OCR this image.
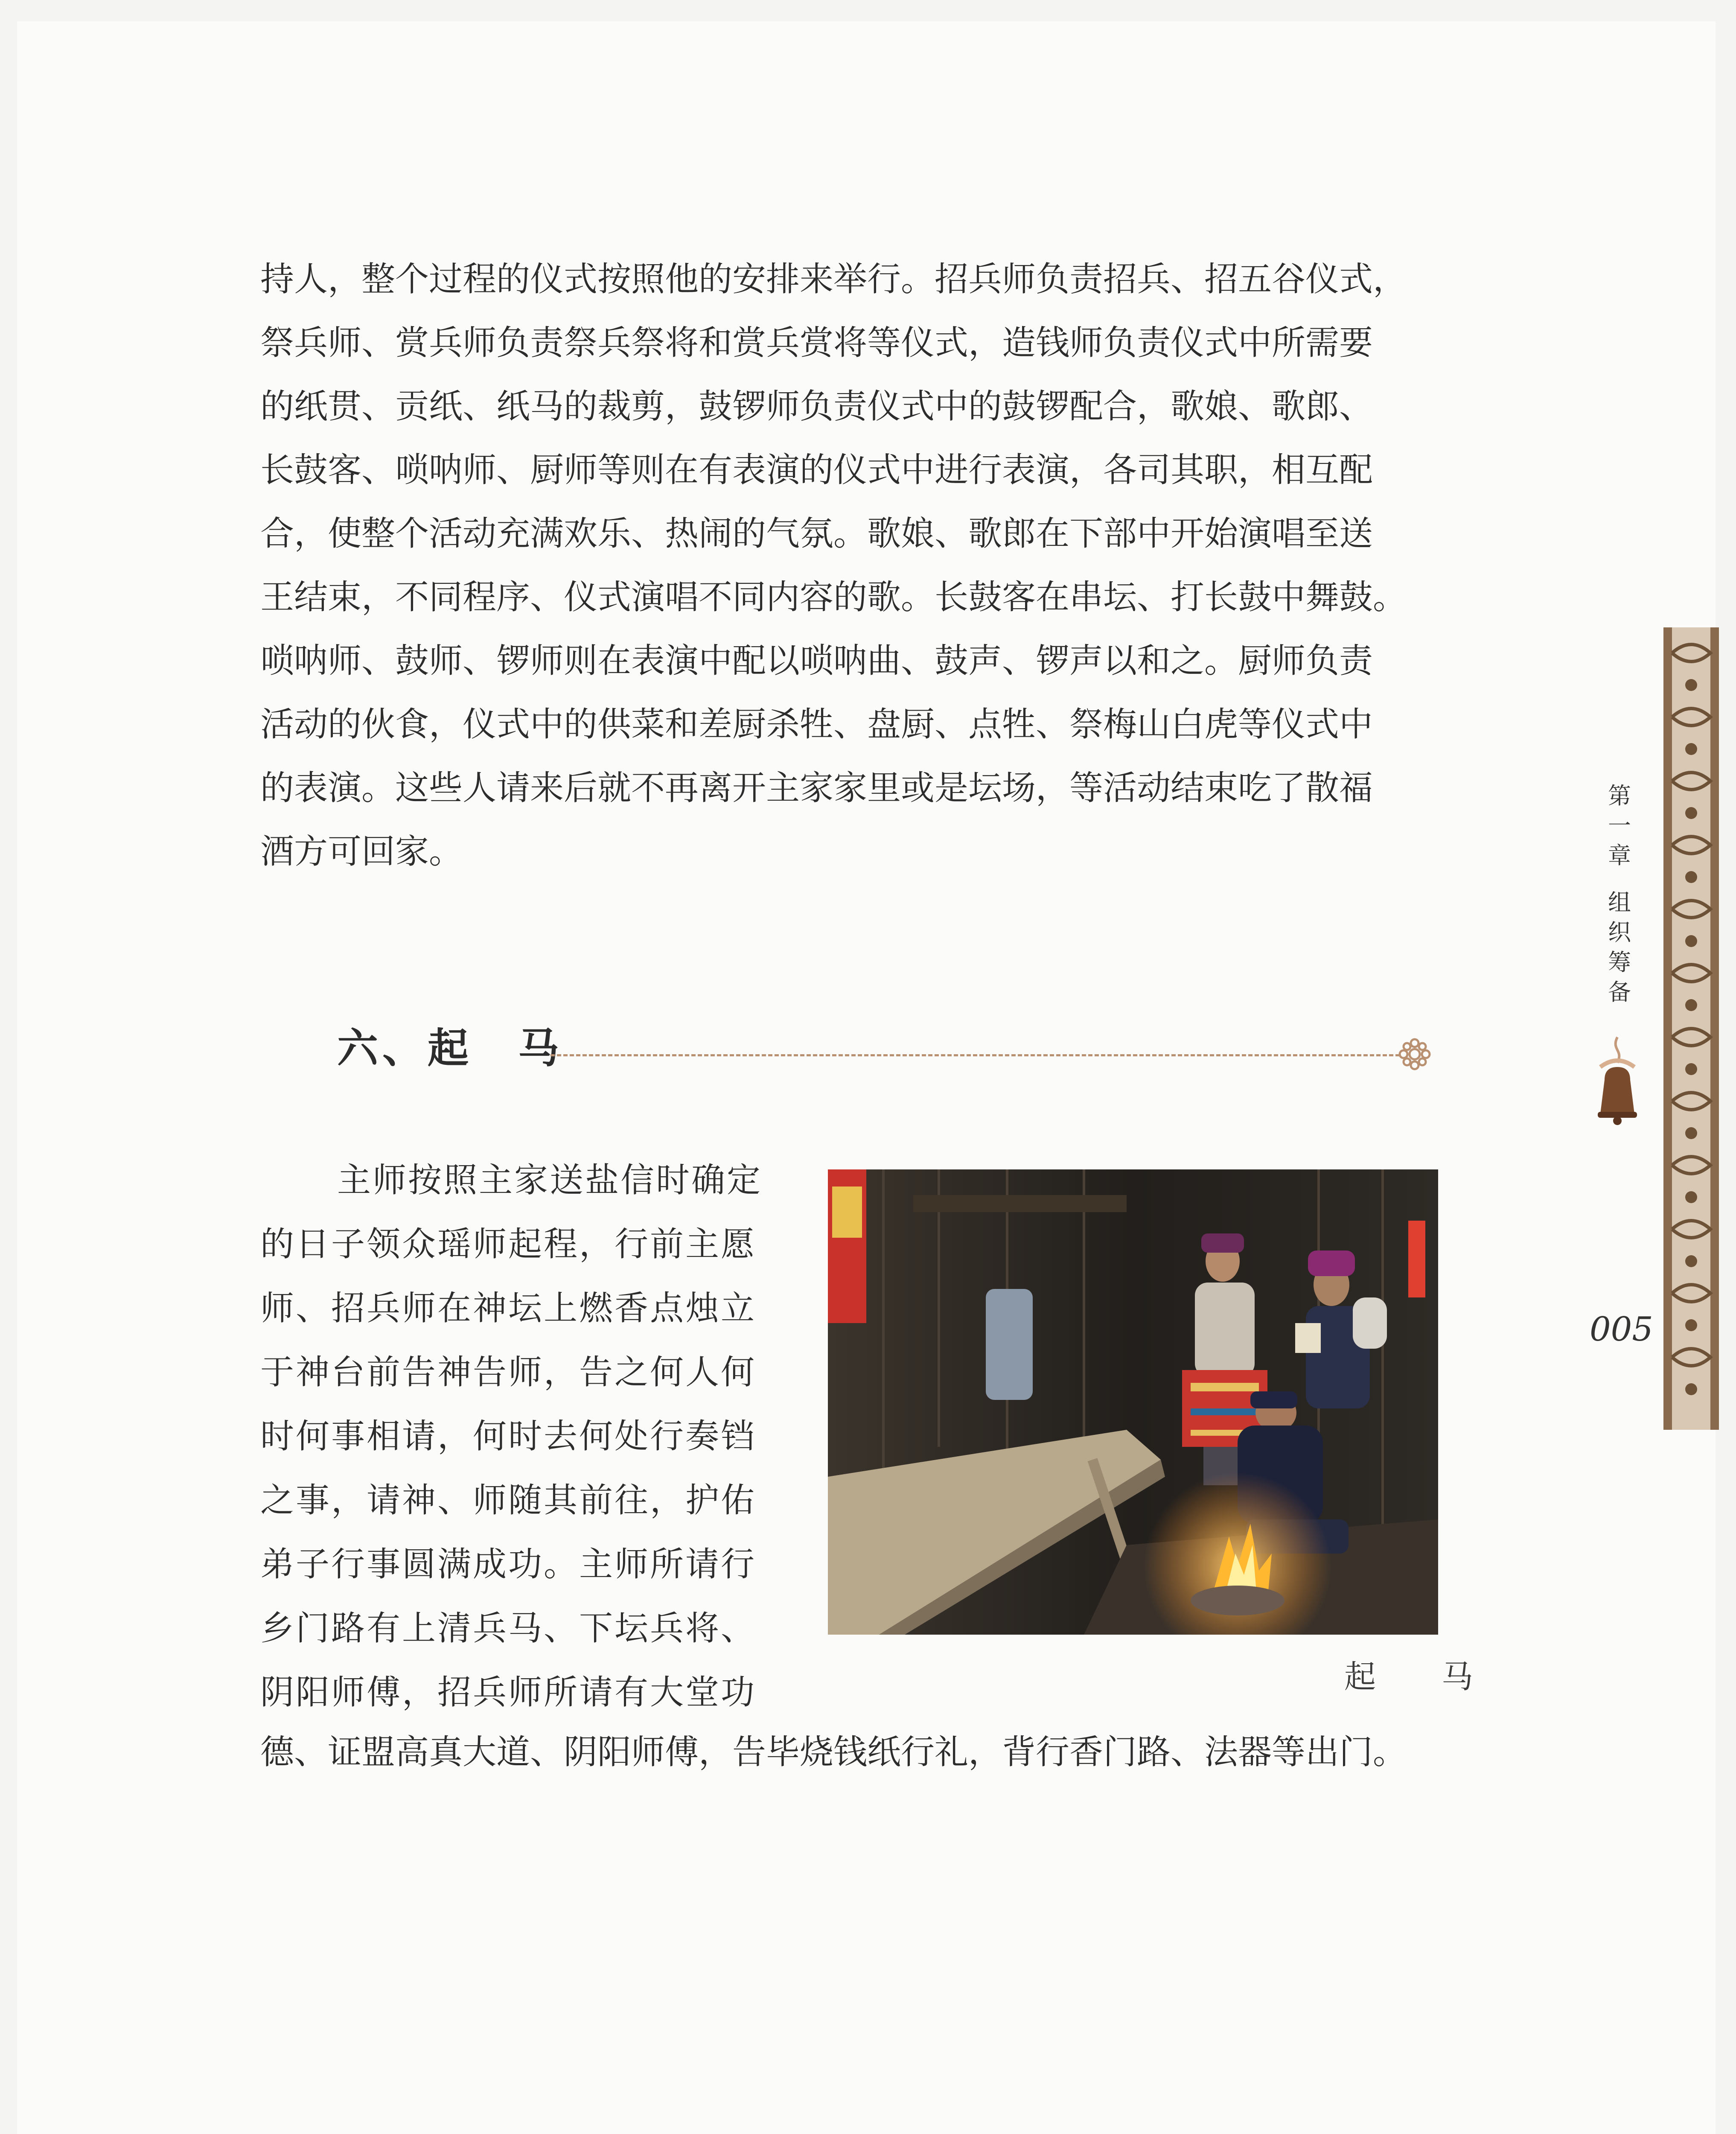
持人，整个过程的仪式按照他的安排来举行。招兵师负责招兵、招五谷仪式，
祭兵师、赏兵师负责祭兵祭将和赏兵赏将等仪式，造钱师负责仪式中所需要
的纸贯、贡纸、纸马的裁剪，鼓锣师负责仪式中的鼓锣配合，歌娘、歌郎、
长鼓客、唢呐师、厨师等则在有表演的仪式中进行表演，各司其职，相互配
合，使整个活动充满欢乐、热闹的气氛。歌娘、歌郎在下部中开始演唱至送
王结束，不同程序、仪式演唱不同内容的歌。长鼓客在串坛、打长鼓中舞鼓。
唢呐师、鼓师、锣师则在表演中配以唢呐曲、鼓声、锣声以和之。厨师负责
活动的伙食，仪式中的供菜和差厨杀牲、盘厨、点牲、祭梅山白虎等仪式中
的表演。这些人请来后就不再离开主家家里或是坛场，等活动结束吃了散福
酒方可回家。
六、起　马
主师按照主家送盐信时确定
的日子领众瑶师起程，行前主愿
师、招兵师在神坛上燃香点烛立
于神台前告神告师，告之何人何
时何事相请，何时去何处行奏铛
之事，请神、师随其前往，护佑
弟子行事圆满成功。主师所请行
乡门路有上清兵马、下坛兵将、
阴阳师傅，招兵师所请有大堂功
德、证盟高真大道、阴阳师傅，告毕烧钱纸行礼，背行香门路、法器等出门。
起　马
第
一
章
组
织
筹
备
005
